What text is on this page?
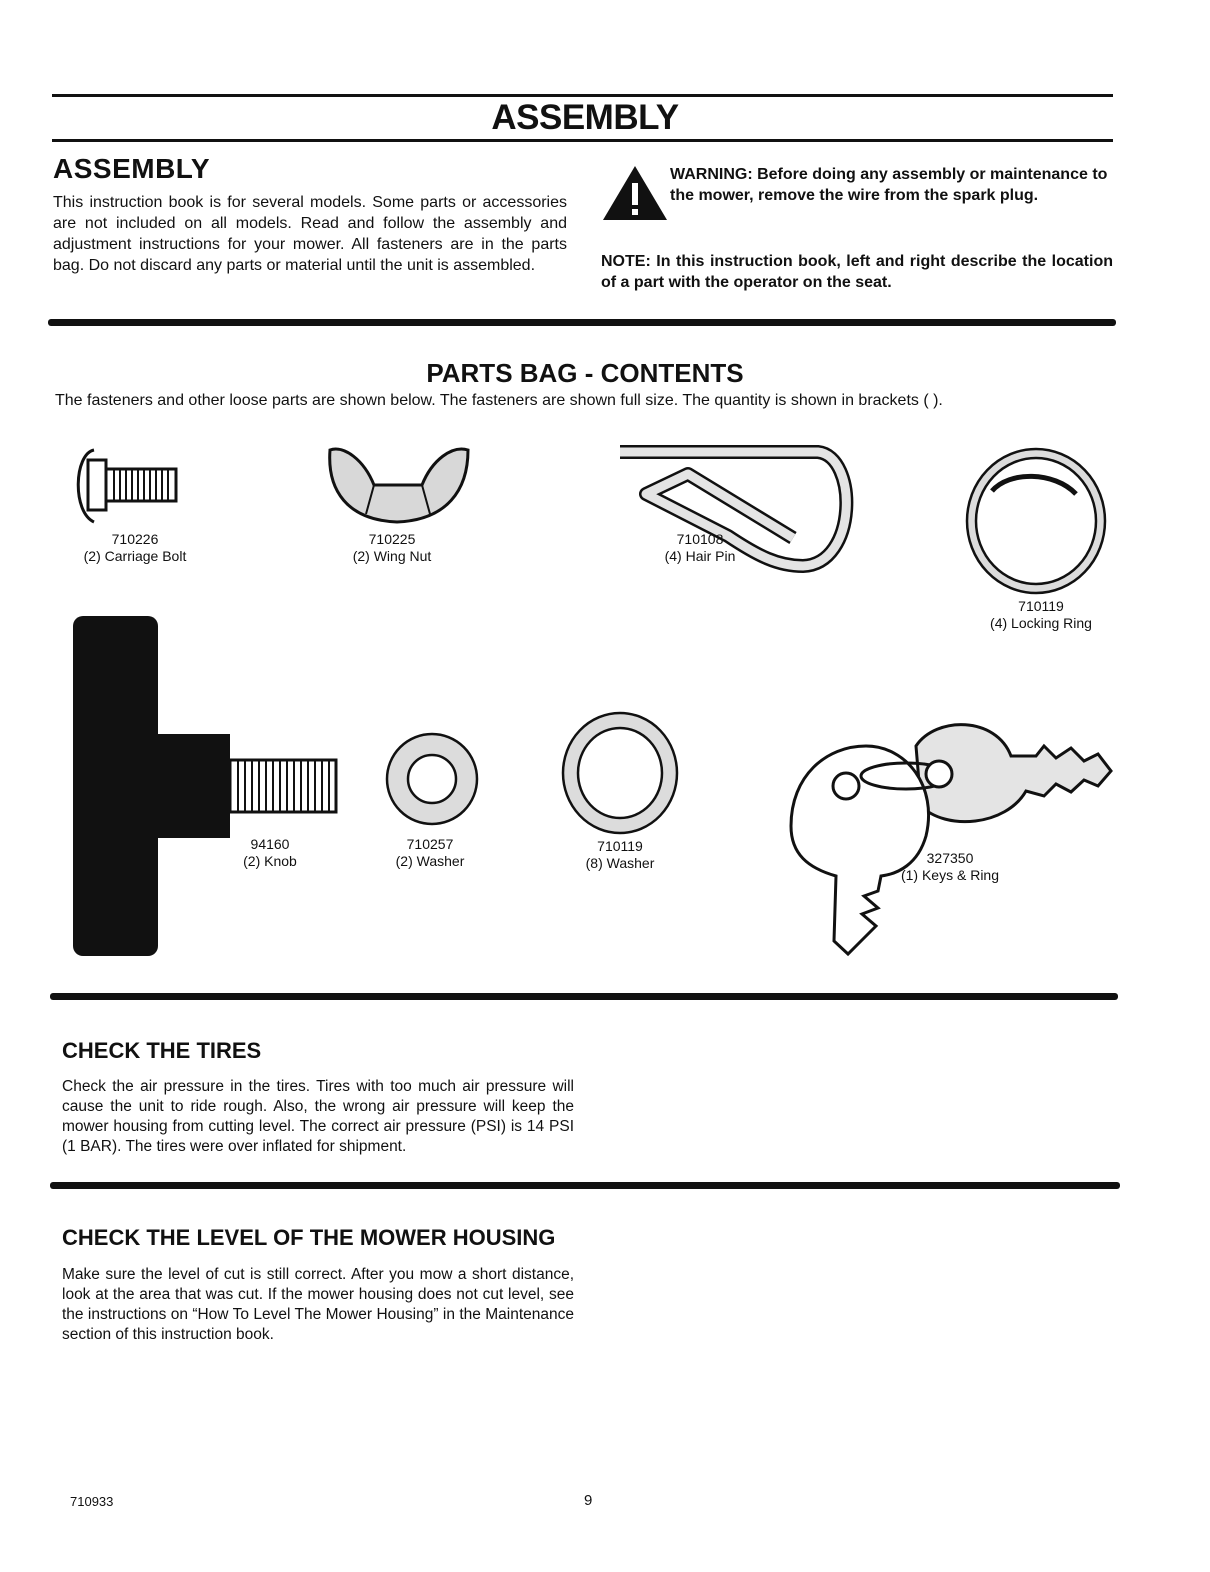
ASSEMBLY
ASSEMBLY

This instruction book is for several models. Some parts or accessories are not included on all models. Read and follow the assembly and adjustment instructions for your mower. All fasteners are in the parts bag. Do not discard any parts or material until the unit is assembled.

WARNING: Before doing any assembly or maintenance to the mower, remove the wire from the spark plug.

NOTE: In this instruction book, left and right describe the location of a part with the operator on the seat.

PARTS BAG - CONTENTS

The fasteners and other loose parts are shown below. The fasteners are shown full size. The quantity is shown in brackets ( ).

710226
(2) Carriage Bolt
710225
(2) Wing Nut
710108
(4) Hair Pin
710119
(4) Locking Ring
94160
(2) Knob
710257
(2) Washer
710119
(8) Washer	327350
(1) Keys & Ring
CHECK THE TIRES

Check the air pressure in the tires. Tires with too much air pressure will cause the unit to ride rough. Also, the wrong air pressure will keep the mower housing from cutting level. The correct air pressure (PSI) is 14 PSI (1 BAR). The tires were over inflated for shipment.

CHECK THE LEVEL OF THE MOWER HOUSING

Make sure the level of cut is still correct. After you mow a short distance, look at the area that was cut. If the mower housing does not cut level, see the instructions on “How To Level The Mower Housing” in the Maintenance section of this instruction book.

710933	9
